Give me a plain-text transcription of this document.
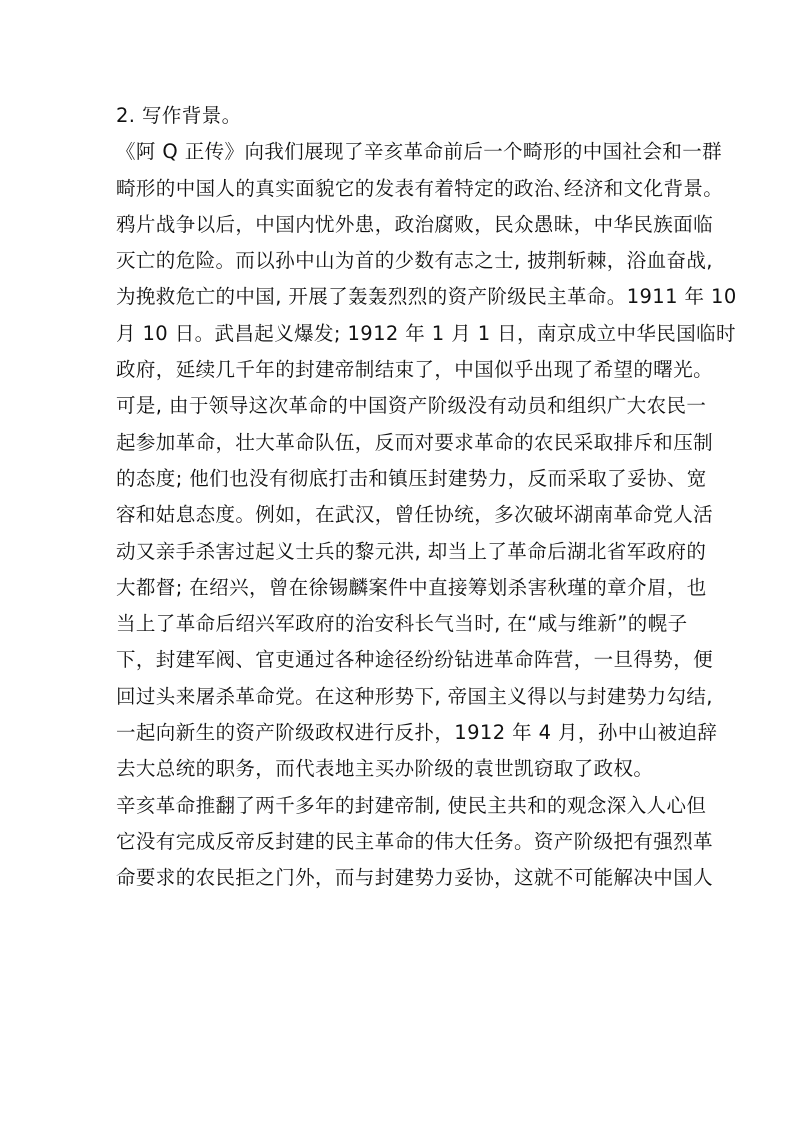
2. 写作背景。
《阿 Q 正传》向我们展现了辛亥革命前后一个畸形的中国社会和一群
畸形的中国人的真实面貌它的发表有着特定的政治､经济和文化背景｡
鸦片战争以后，中国内忧外患，政治腐败，民众愚昧，中华民族面临
灭亡的危险。而以孙中山为首的少数有志之士, 披荆斩棘，浴血奋战,
为挽救危亡的中国, 开展了轰轰烈烈的资产阶级民主革命。1911 年 10
月 10 日。武昌起义爆发; 1912 年 1 月 1 日，南京成立中华民国临时
政府，延续几千年的封建帝制结束了，中国似乎出现了希望的曙光。
可是, 由于领导这次革命的中国资产阶级没有动员和组织广大农民一
起参加革命，壮大革命队伍，反而对要求革命的农民采取排斥和压制
的态度; 他们也没有彻底打击和镇压封建势力，反而采取了妥协、宽
容和姑息态度。例如，在武汉，曾任协统，多次破坏湖南革命党人活
动又亲手杀害过起义士兵的黎元洪, 却当上了革命后湖北省军政府的
大都督; 在绍兴，曾在徐锡麟案件中直接筹划杀害秋瑾的章介眉，也
当上了革命后绍兴军政府的治安科长气当时, 在“咸与维新”的幌子
下，封建军阀、官吏通过各种途径纷纷钻进革命阵营，一旦得势，便
回过头来屠杀革命党。在这种形势下, 帝国主义得以与封建势力勾结,
一起向新生的资产阶级政权进行反扑，1912 年 4 月，孙中山被迫辞
去大总统的职务，而代表地主买办阶级的袁世凯窃取了政权。
辛亥革命推翻了两千多年的封建帝制, 使民主共和的观念深入人心但
它没有完成反帝反封建的民主革命的伟大任务。资产阶级把有强烈革
命要求的农民拒之门外，而与封建势力妥协，这就不可能解决中国人
